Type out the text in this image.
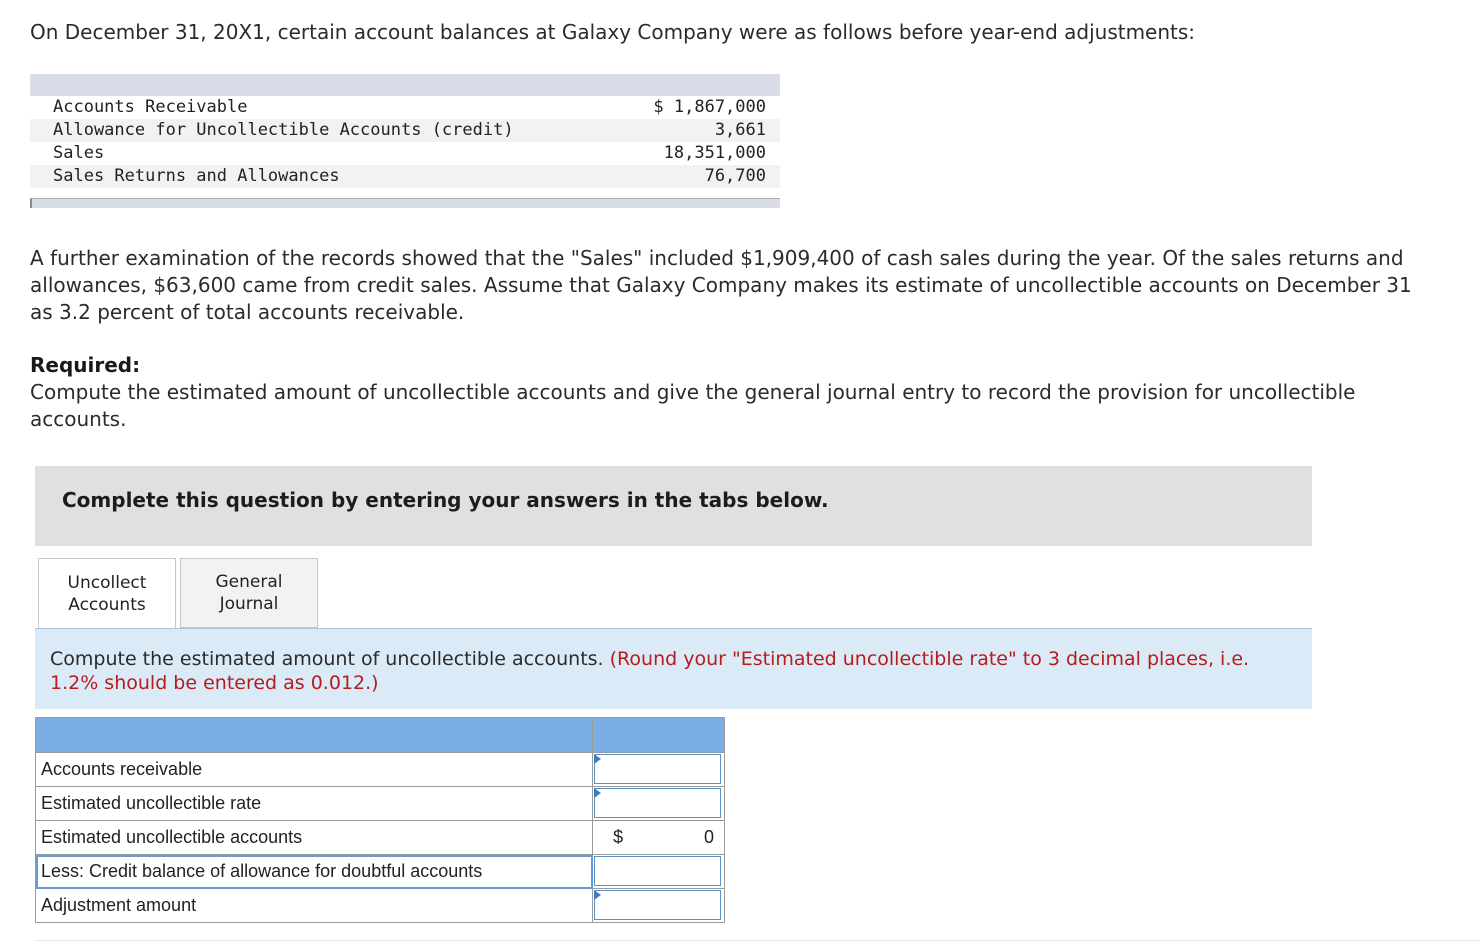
On December 31, 20X1, certain account balances at Galaxy Company were as follows before year-end adjustments:
Accounts Receivable	$ 1,867,000
Allowance for Uncollectible Accounts (credit)	3,661
Sales	18,351,000
Sales Returns and Allowances	76,700
A further examination of the records showed that the "Sales" included $1,909,400 of cash sales during the year. Of the sales returns and allowances, $63,600 came from credit sales. Assume that Galaxy Company makes its estimate of uncollectible accounts on December 31 as 3.2 percent of total accounts receivable.
Required:
Compute the estimated amount of uncollectible accounts and give the general journal entry to record the provision for uncollectible accounts.
Complete this question by entering your answers in the tabs below.
Uncollect
Accounts
General
Journal
Compute the estimated amount of uncollectible accounts. (Round your "Estimated uncollectible rate" to 3 decimal places, i.e. 1.2% should be entered as 0.012.)

Accounts receivable	

Estimated uncollectible rate	

Estimated uncollectible accounts	$ 0

Less: Credit balance of allowance for doubtful accounts	

Adjustment amount	
